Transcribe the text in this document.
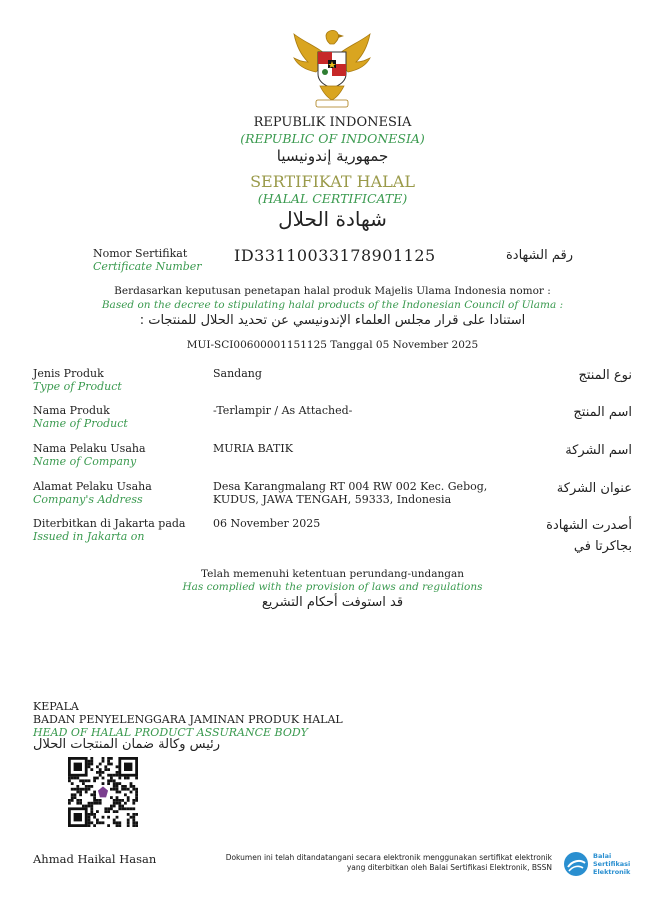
REPUBLIK INDONESIA
(REPUBLIC OF INDONESIA)
جمهورية إندونيسيا
SERTIFIKAT HALAL
(HALAL CERTIFICATE)
شهادة الحلال
Nomor Sertifikat
Certificate Number
ID33110033178901125	رقم الشهادة
Berdasarkan keputusan penetapan halal produk Majelis Ulama Indonesia nomor :
Based on the decree to stipulating halal products of the Indonesian Council of Ulama :
استنادا على قرار مجلس العلماء الإندونيسي عن تحديد الحلال للمنتجات :
MUI-SCI00600001151125 Tanggal 05 November 2025
Jenis Produk
Type of Product
Sandang	نوع المنتج
Nama Produk
Name of Product
-Terlampir / As Attached-	اسم المنتج
Nama Pelaku Usaha
Name of Company
MURIA BATIK	اسم الشركة
Alamat Pelaku Usaha
Company's Address
Desa Karangmalang RT 004 RW 002 Kec. Gebog,
KUDUS, JAWA TENGAH, 59333, Indonesia
عنوان الشركة
Diterbitkan di Jakarta pada
Issued in Jakarta on
06 November 2025	أصدرت الشهادة
بجاكرتا في
Telah memenuhi ketentuan perundang-undangan
Has complied with the provision of laws and regulations
قد استوفت أحكام التشريع
KEPALA
BADAN PENYELENGGARA JAMINAN PRODUK HALAL
HEAD OF HALAL PRODUCT ASSURANCE BODY
رئيس وكالة ضمان المنتجات الحلال
Ahmad Haikal Hasan	Dokumen ini telah ditandatangani secara elektronik menggunakan sertifikat elektronik
yang diterbitkan oleh Balai Sertifikasi Elektronik, BSSN
Balai
Sertifikasi
Elektronik
